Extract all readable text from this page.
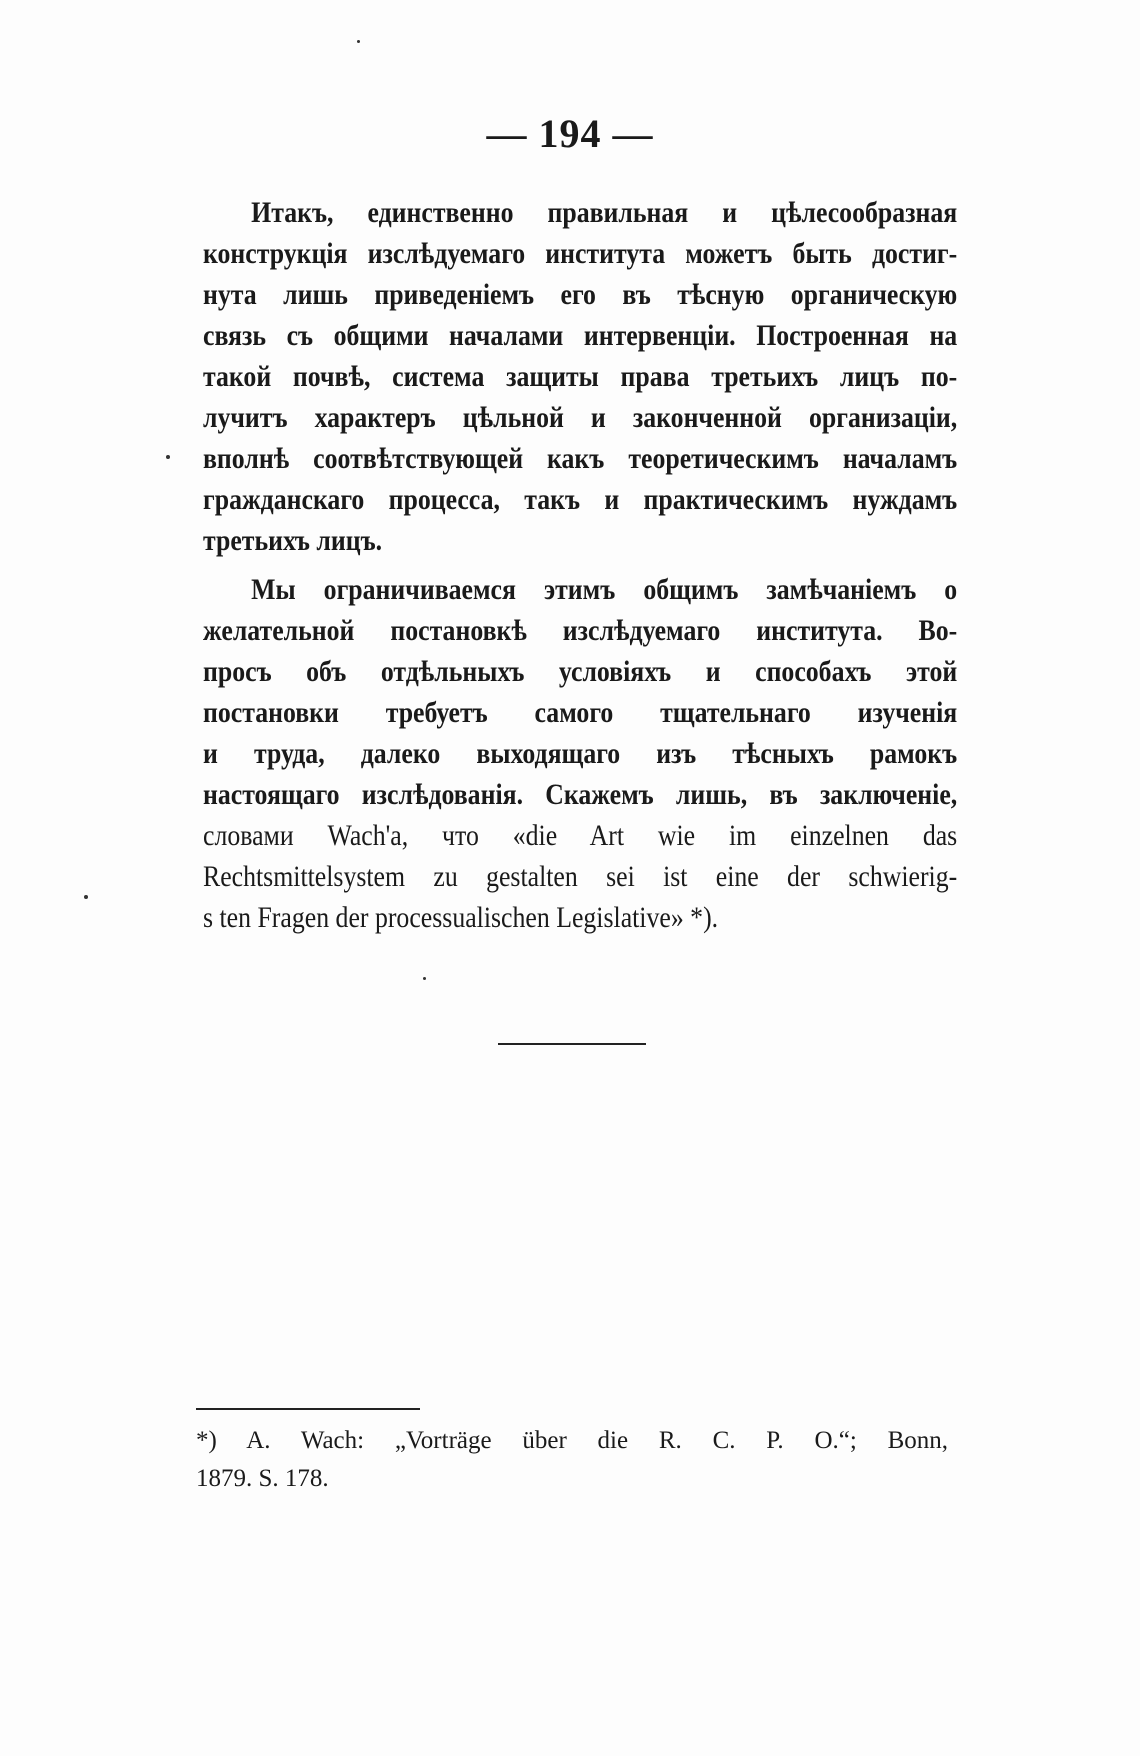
— 194 —
Итакъ, единственно правильная и цѣлесообразная
конструкція изслѣдуемаго института можетъ быть достиг-
нута лишь приведеніемъ его въ тѣсную органическую
связь съ общими началами интервенціи. Построенная на
такой почвѣ, система защиты права третьихъ лицъ по-
лучитъ характеръ цѣльной и законченной организаціи,
вполнѣ соотвѣтствующей какъ теоретическимъ началамъ
гражданскаго процесса, такъ и практическимъ нуждамъ
третьихъ лицъ.
Мы ограничиваемся этимъ общимъ замѣчаніемъ о
желательной постановкѣ изслѣдуемаго института. Во-
просъ объ отдѣльныхъ условіяхъ и способахъ этой
постановки требуетъ самого тщательнаго изученія
и труда, далеко выходящаго изъ тѣсныхъ рамокъ
настоящаго изслѣдованія. Скажемъ лишь, въ заключеніе,
словами Wach'a, что «die Art wie im einzelnen das
Rechtsmittelsystem zu gestalten sei ist eine der schwierig-
s ten Fragen der processualischen Legislative» *).
*) A. Wach: „Vorträge über die R. C. P. O.“; Bonn,
1879. S. 178.
